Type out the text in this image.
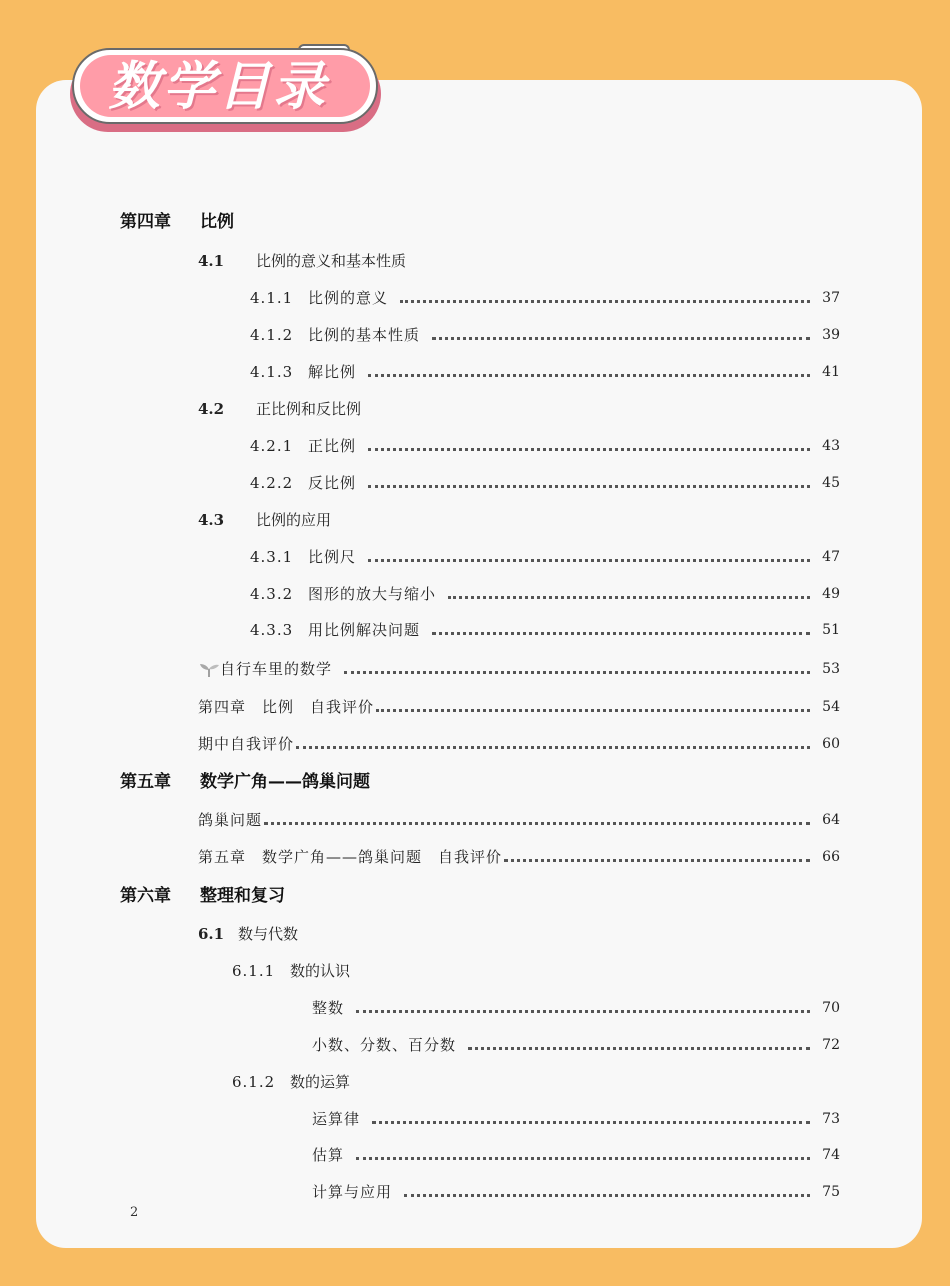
数学目录
第四章 比例
4.1 比例的意义和基本性质
4.1.1 比例的意义	37
4.1.2 比例的基本性质	39
4.1.3 解比例	41
4.2 正比例和反比例
4.2.1 正比例	43
4.2.2 反比例	45
4.3 比例的应用
4.3.1 比例尺	47
4.3.2 图形的放大与缩小	49
4.3.3 用比例解决问题	51
自行车里的数学	53
第四章　比例　自我评价	54
期中自我评价	60
第五章 数学广角——鸽巢问题
鸽巢问题	64
第五章　数学广角——鸽巢问题　自我评价	66
第六章 整理和复习
6.1 数与代数
6.1.1 数的认识
整数	70
小数、分数、百分数	72
6.1.2 数的运算
运算律	73
估算	74
计算与应用	75
2
